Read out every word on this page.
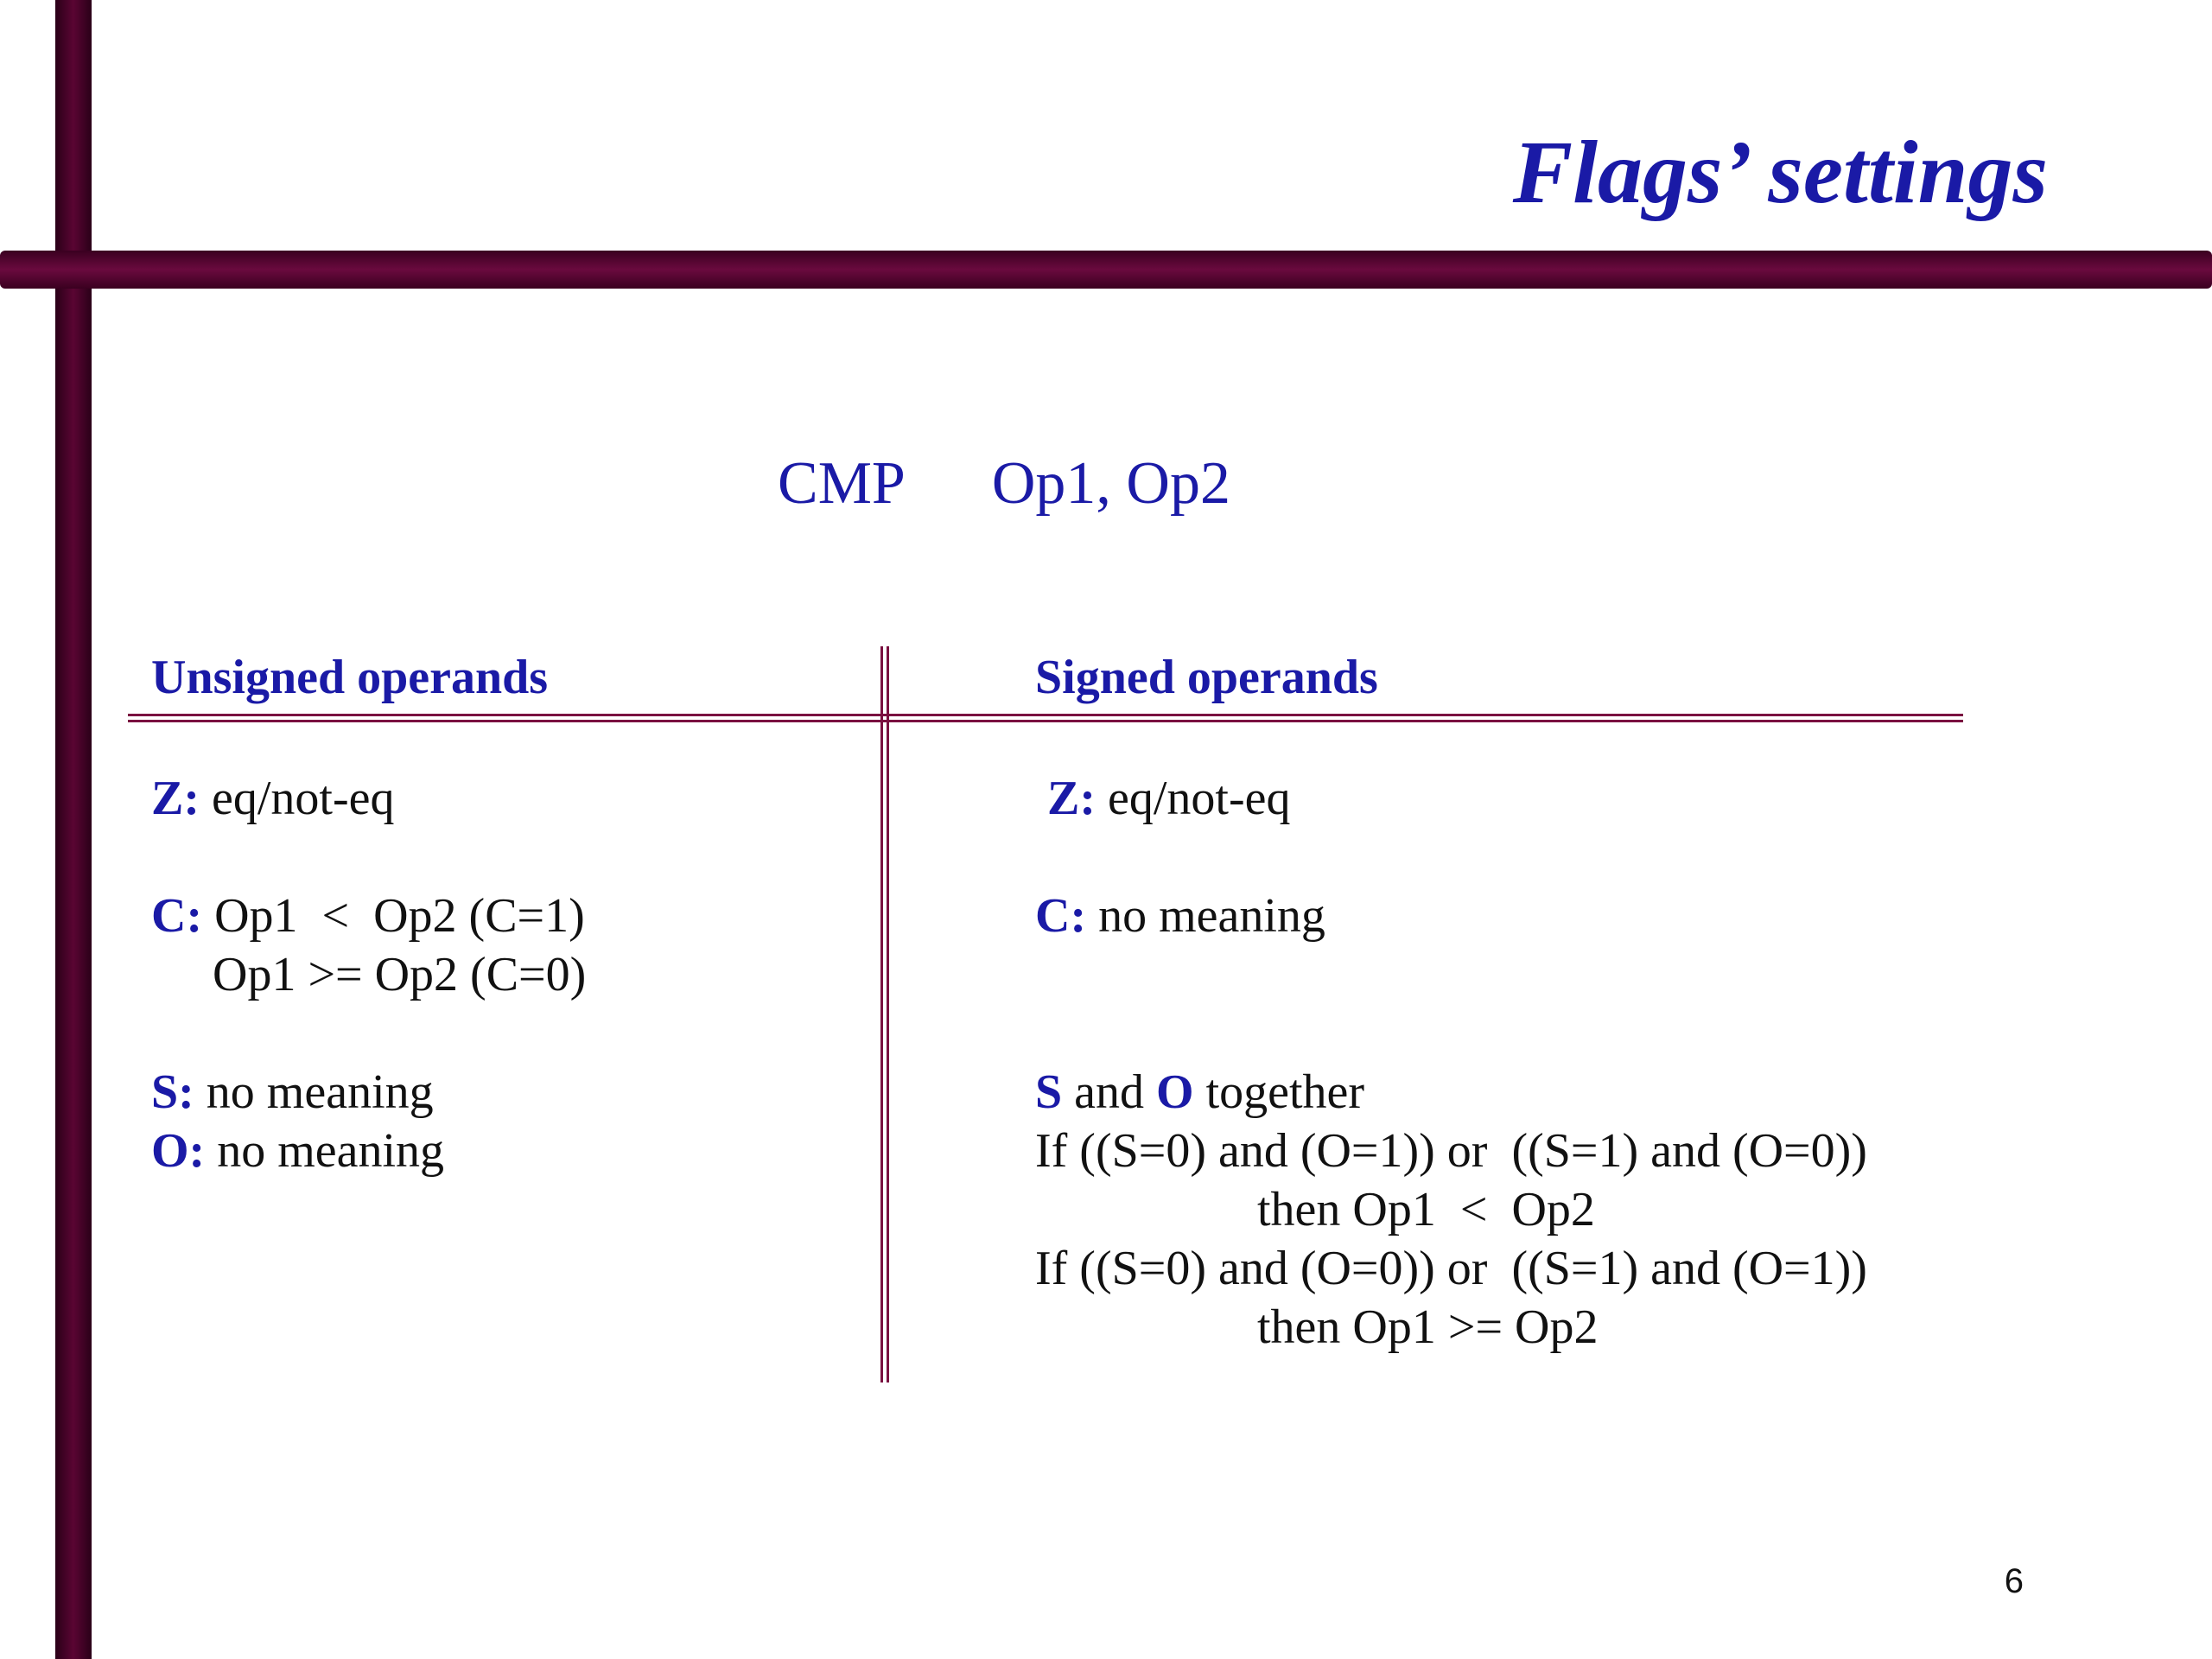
Flags’ settings
CMP Op1, Op2
Unsigned operands	Signed operands
Z: eq/not-eq
C: Op1  <  Op2 (C=1)
Op1 >= Op2 (C=0)
S: no meaning
O: no meaning
Z: eq/not-eq
C: no meaning
S and O together
If ((S=0) and (O=1)) or  ((S=1) and (O=0))
then Op1  <  Op2
If ((S=0) and (O=0)) or  ((S=1) and (O=1))
then Op1 >= Op2
6
